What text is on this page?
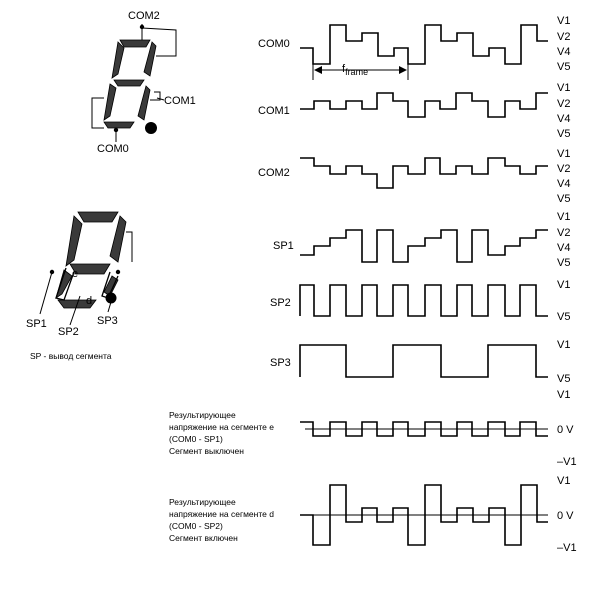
COM2
COM1
COM0
e
d
SP1
SP2
SP3
SP - вывод сегмента
$f_{frame}$
COM0
V1
V2
V4
V5
COM1
V1
V2
V4
V5
COM2
V1
V2
V4
V5
SP1
V1
V2
V4
V5
SP2
V1
V5
SP3
V1
V5
Результирующее
напряжение на сегменте e
(COM0 - SP1)
Сегмент выключен
V1
0 V
–V1
Результирующее
напряжение на сегменте d
(COM0 - SP2)
Сегмент включен
V1
0 V
–V1
